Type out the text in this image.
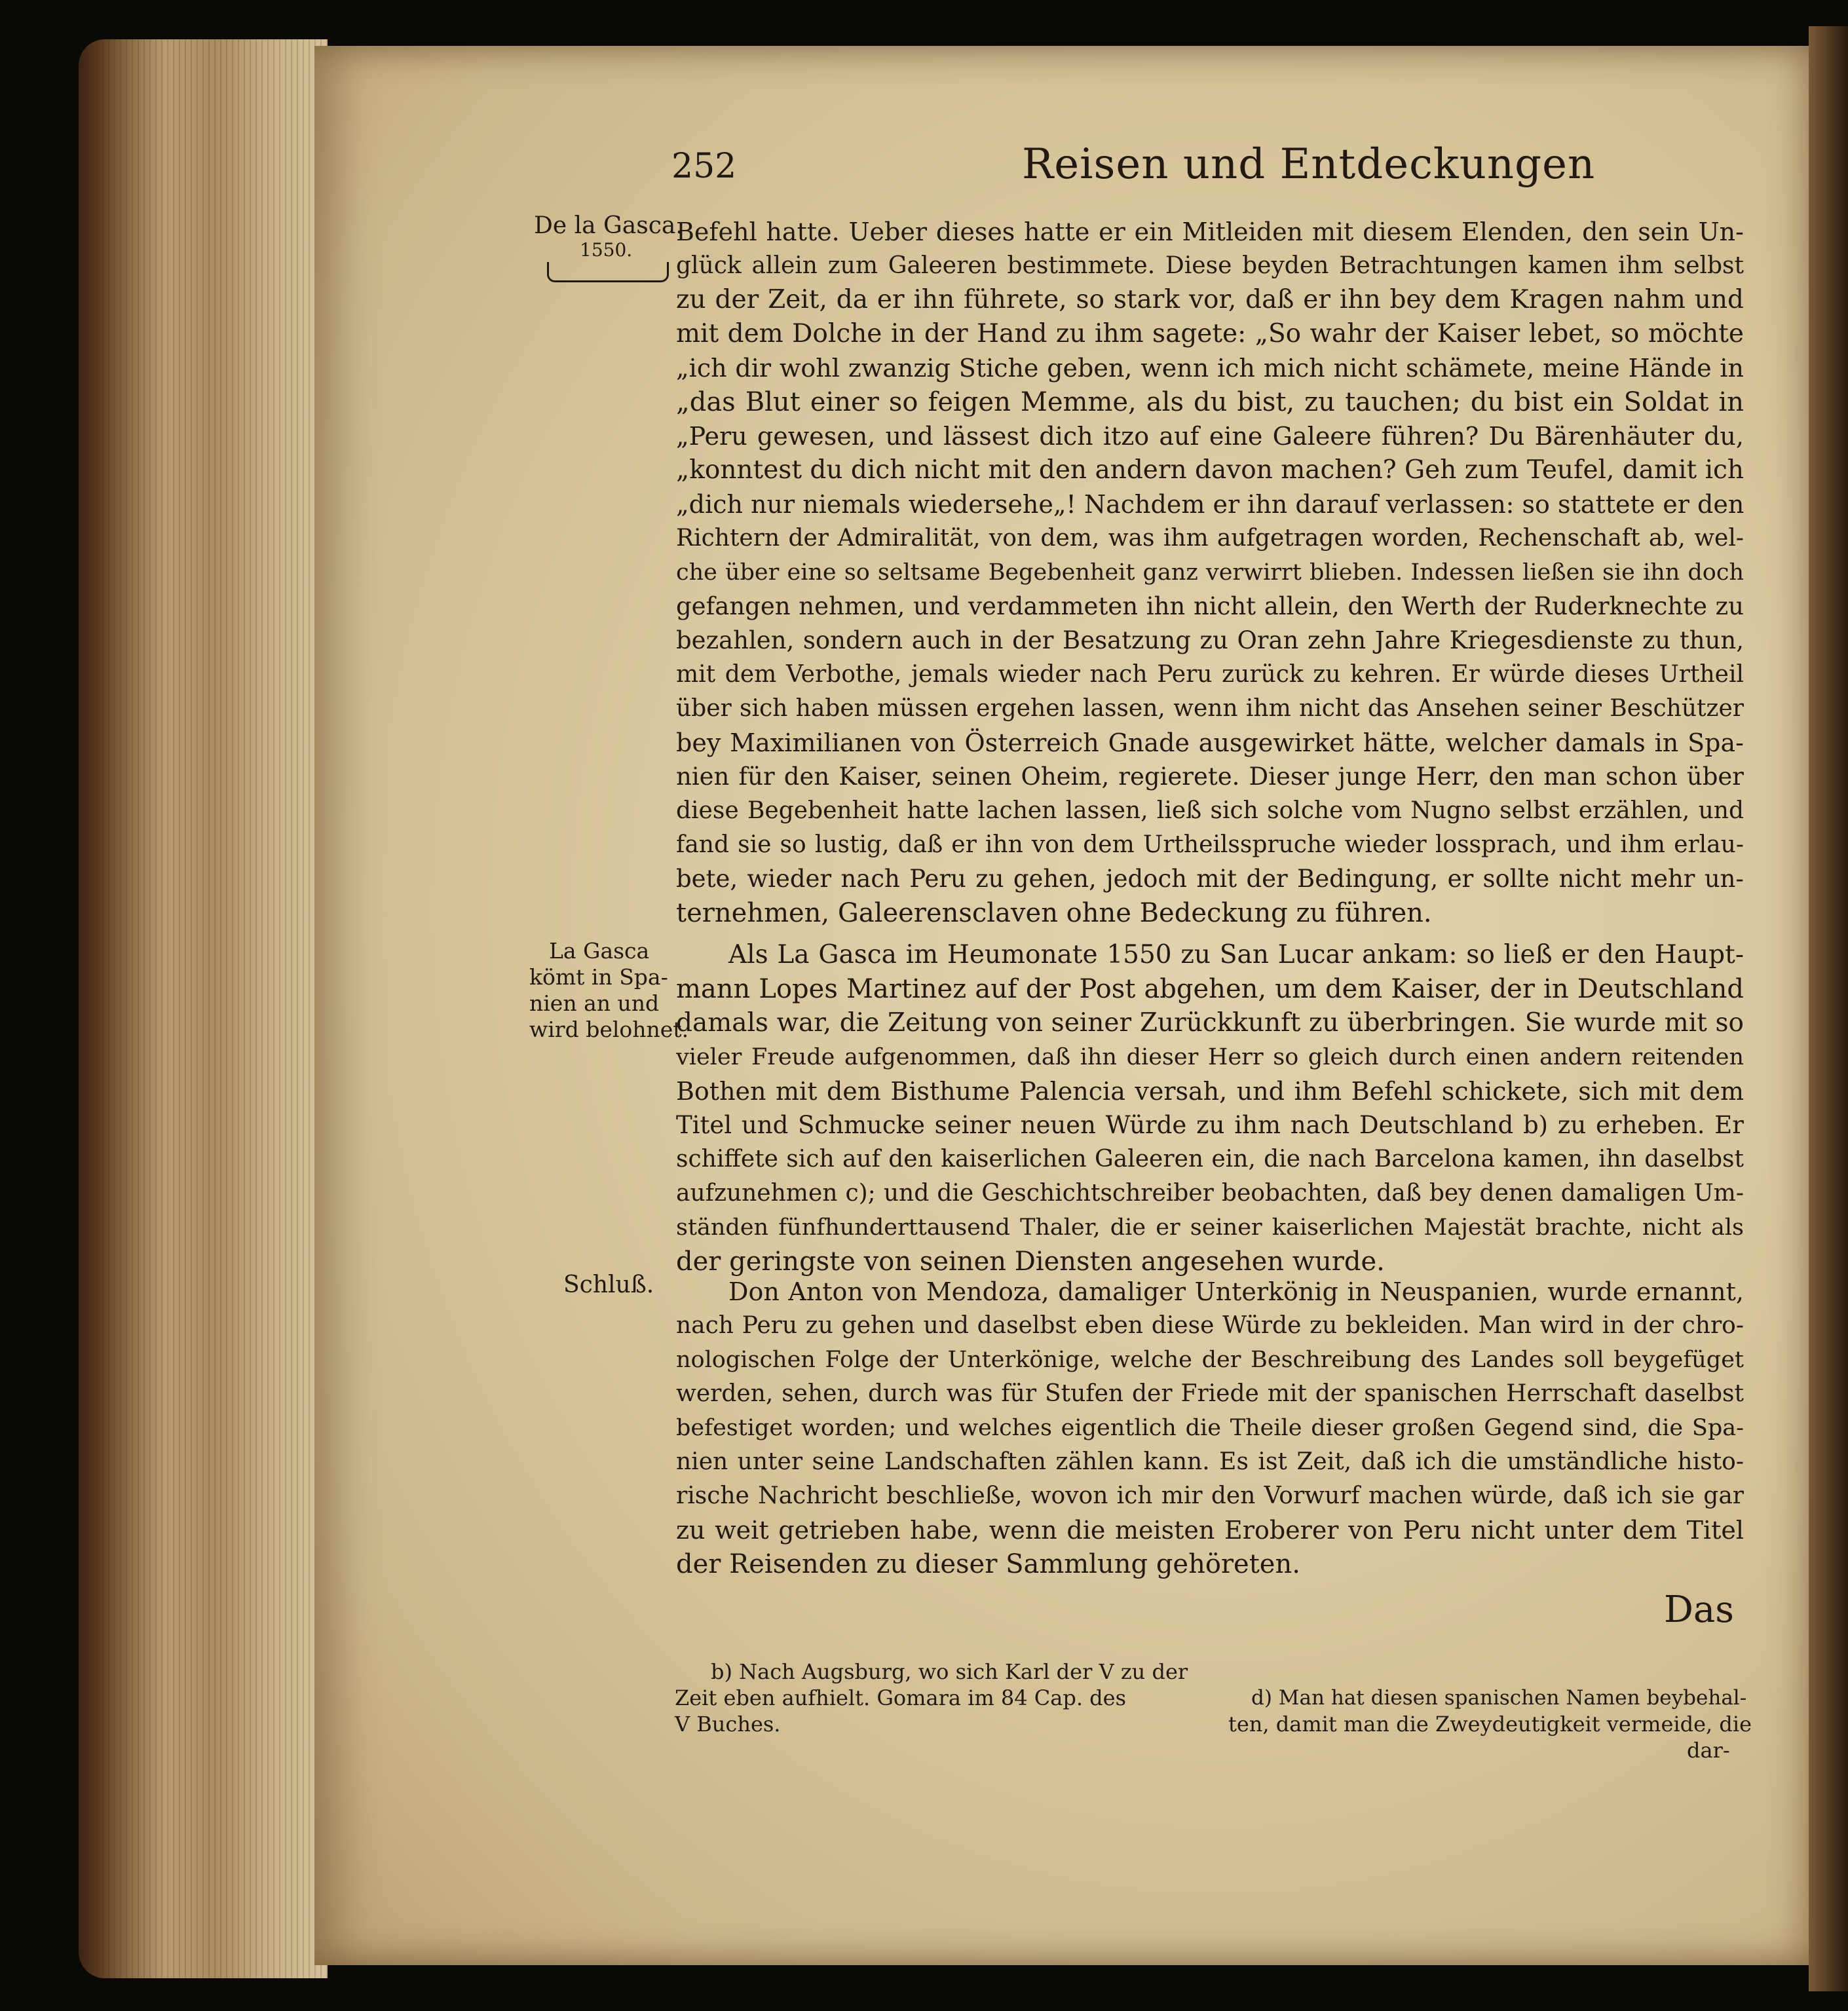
252	Reisen und Entdeckungen
De la Gasca.
1550.
La Gasca
kömt in Spa-
nien an und
wird belohnet.
Schluß.
Befehl hatte. Ueber dieses hatte er ein Mitleiden mit diesem Elenden, den sein Un-
glück allein zum Galeeren bestimmete. Diese beyden Betrachtungen kamen ihm selbst
zu der Zeit, da er ihn führete, so stark vor, daß er ihn bey dem Kragen nahm und
mit dem Dolche in der Hand zu ihm sagete: „So wahr der Kaiser lebet, so möchte
„ich dir wohl zwanzig Stiche geben, wenn ich mich nicht schämete, meine Hände in
„das Blut einer so feigen Memme, als du bist, zu tauchen; du bist ein Soldat in
„Peru gewesen, und lässest dich itzo auf eine Galeere führen? Du Bärenhäuter du,
„konntest du dich nicht mit den andern davon machen? Geh zum Teufel, damit ich
„dich nur niemals wiedersehe„! Nachdem er ihn darauf verlassen: so stattete er den
Richtern der Admiralität, von dem, was ihm aufgetragen worden, Rechenschaft ab, wel-
che über eine so seltsame Begebenheit ganz verwirrt blieben. Indessen ließen sie ihn doch
gefangen nehmen, und verdammeten ihn nicht allein, den Werth der Ruderknechte zu
bezahlen, sondern auch in der Besatzung zu Oran zehn Jahre Kriegesdienste zu thun,
mit dem Verbothe, jemals wieder nach Peru zurück zu kehren. Er würde dieses Urtheil
über sich haben müssen ergehen lassen, wenn ihm nicht das Ansehen seiner Beschützer
bey Maximilianen von Österreich Gnade ausgewirket hätte, welcher damals in Spa-
nien für den Kaiser, seinen Oheim, regierete. Dieser junge Herr, den man schon über
diese Begebenheit hatte lachen lassen, ließ sich solche vom Nugno selbst erzählen, und
fand sie so lustig, daß er ihn von dem Urtheilsspruche wieder lossprach, und ihm erlau-
bete, wieder nach Peru zu gehen, jedoch mit der Bedingung, er sollte nicht mehr un-
ternehmen, Galeerensclaven ohne Bedeckung zu führen.
Als La Gasca im Heumonate 1550 zu San Lucar ankam: so ließ er den Haupt-
mann Lopes Martinez auf der Post abgehen, um dem Kaiser, der in Deutschland
damals war, die Zeitung von seiner Zurückkunft zu überbringen. Sie wurde mit so
vieler Freude aufgenommen, daß ihn dieser Herr so gleich durch einen andern reitenden
Bothen mit dem Bisthume Palencia versah, und ihm Befehl schickete, sich mit dem
Titel und Schmucke seiner neuen Würde zu ihm nach Deutschland b) zu erheben. Er
schiffete sich auf den kaiserlichen Galeeren ein, die nach Barcelona kamen, ihn daselbst
aufzunehmen c); und die Geschichtschreiber beobachten, daß bey denen damaligen Um-
ständen fünfhunderttausend Thaler, die er seiner kaiserlichen Majestät brachte, nicht als
der geringste von seinen Diensten angesehen wurde.
Don Anton von Mendoza, damaliger Unterkönig in Neuspanien, wurde ernannt,
nach Peru zu gehen und daselbst eben diese Würde zu bekleiden. Man wird in der chro-
nologischen Folge der Unterkönige, welche der Beschreibung des Landes soll beygefüget
werden, sehen, durch was für Stufen der Friede mit der spanischen Herrschaft daselbst
befestiget worden; und welches eigentlich die Theile dieser großen Gegend sind, die Spa-
nien unter seine Landschaften zählen kann. Es ist Zeit, daß ich die umständliche histo-
rische Nachricht beschließe, wovon ich mir den Vorwurf machen würde, daß ich sie gar
zu weit getrieben habe, wenn die meisten Eroberer von Peru nicht unter dem Titel
der Reisenden zu dieser Sammlung gehöreten.
Das
b) Nach Augsburg, wo sich Karl der V zu der
Zeit eben aufhielt. Gomara im 84 Cap. des
V Buches.
d) Man hat diesen spanischen Namen beybehal-
ten, damit man die Zweydeutigkeit vermeide, die
dar-
